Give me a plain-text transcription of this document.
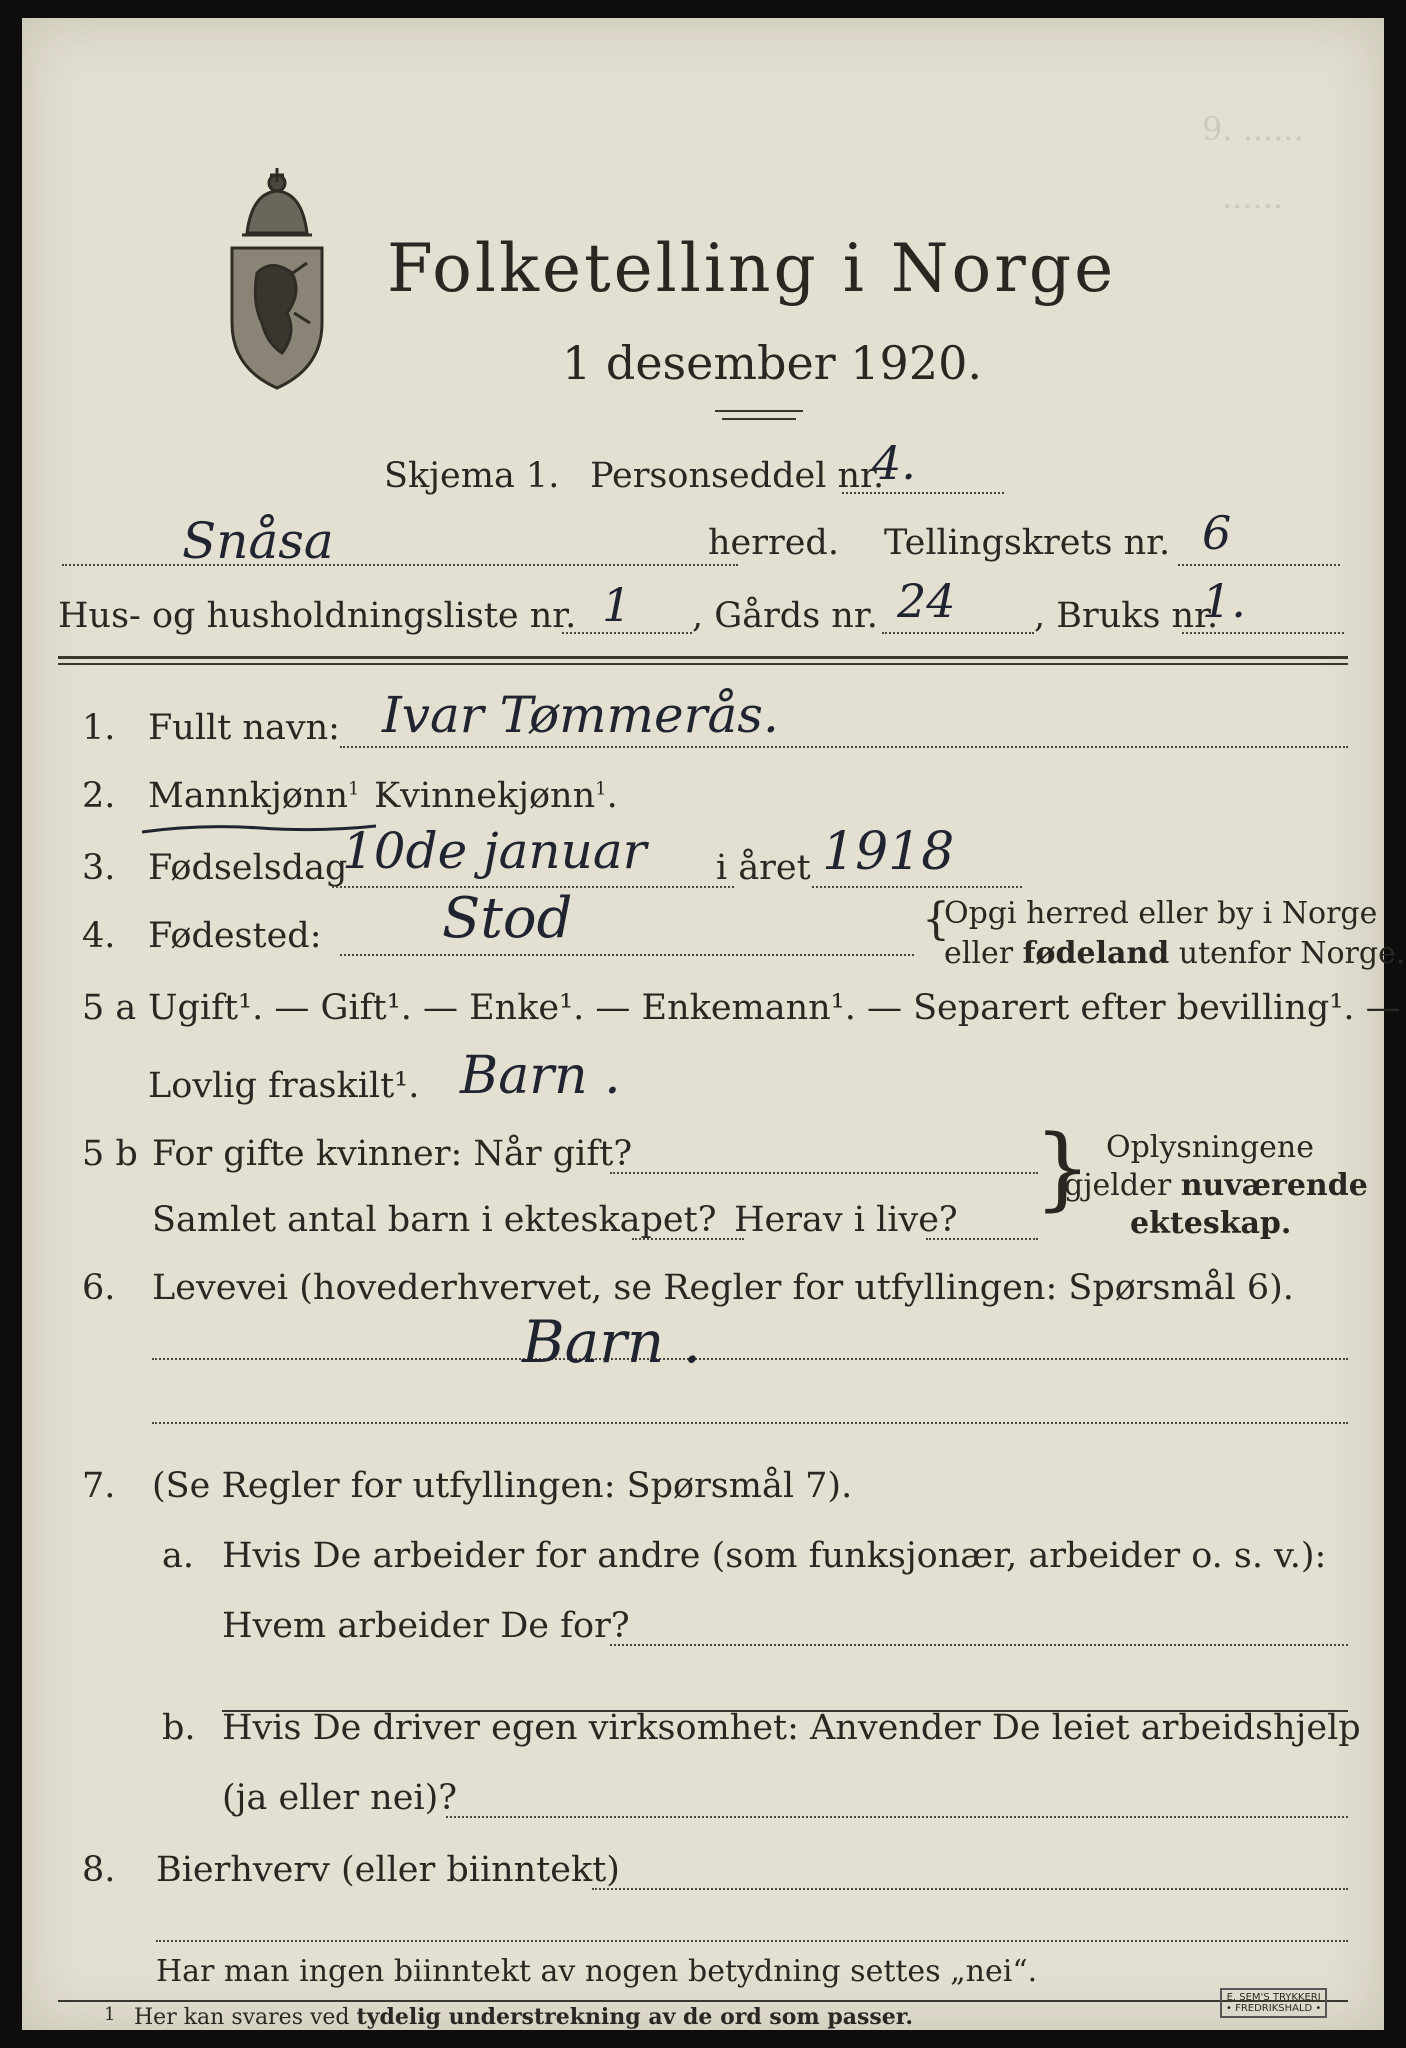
9. ......
......
Folketelling i Norge
1 desember 1920.
Skjema 1. Personseddel nr.
4.
Snåsa	herred. Tellingskrets nr. 6
Hus- og husholdningsliste nr. 1 , Gårds nr. 24 , Bruks nr.
1.
1. Fullt navn: Ivar Tømmerås.
2. Mannkjønn$^1$ Kvinnekjønn$^1$.
3. Fødselsdag
10de januar i året 1918
4. Fødested: Stod	{
Opgi herred eller by i Norge
eller fødeland utenfor Norge.
5 a Ugift¹. — Gift¹. — Enke¹. — Enkemann¹. — Separert efter bevilling¹. —
Lovlig fraskilt¹. Barn .
5 b For gifte kvinner: Når gift?
Samlet antal barn i ekteskapet? Herav i live? } Oplysningene
gjelder nuværende
ekteskap.
6. Levevei (hovederhvervet, se Regler for utfyllingen: Spørsmål 6).
Barn .
7. (Se Regler for utfyllingen: Spørsmål 7).
a. Hvis De arbeider for andre (som funksjonær, arbeider o. s. v.):
Hvem arbeider De for?
b. Hvis De driver egen virksomhet: Anvender De leiet arbeidshjelp
(ja eller nei)?
8. Bierhverv (eller biinntekt)
Har man ingen biinntekt av nogen betydning settes „nei“.
1 Her kan svares ved tydelig understrekning av de ord som passer.
E. SEM'S TRYKKERI
• FREDRIKSHALD •
